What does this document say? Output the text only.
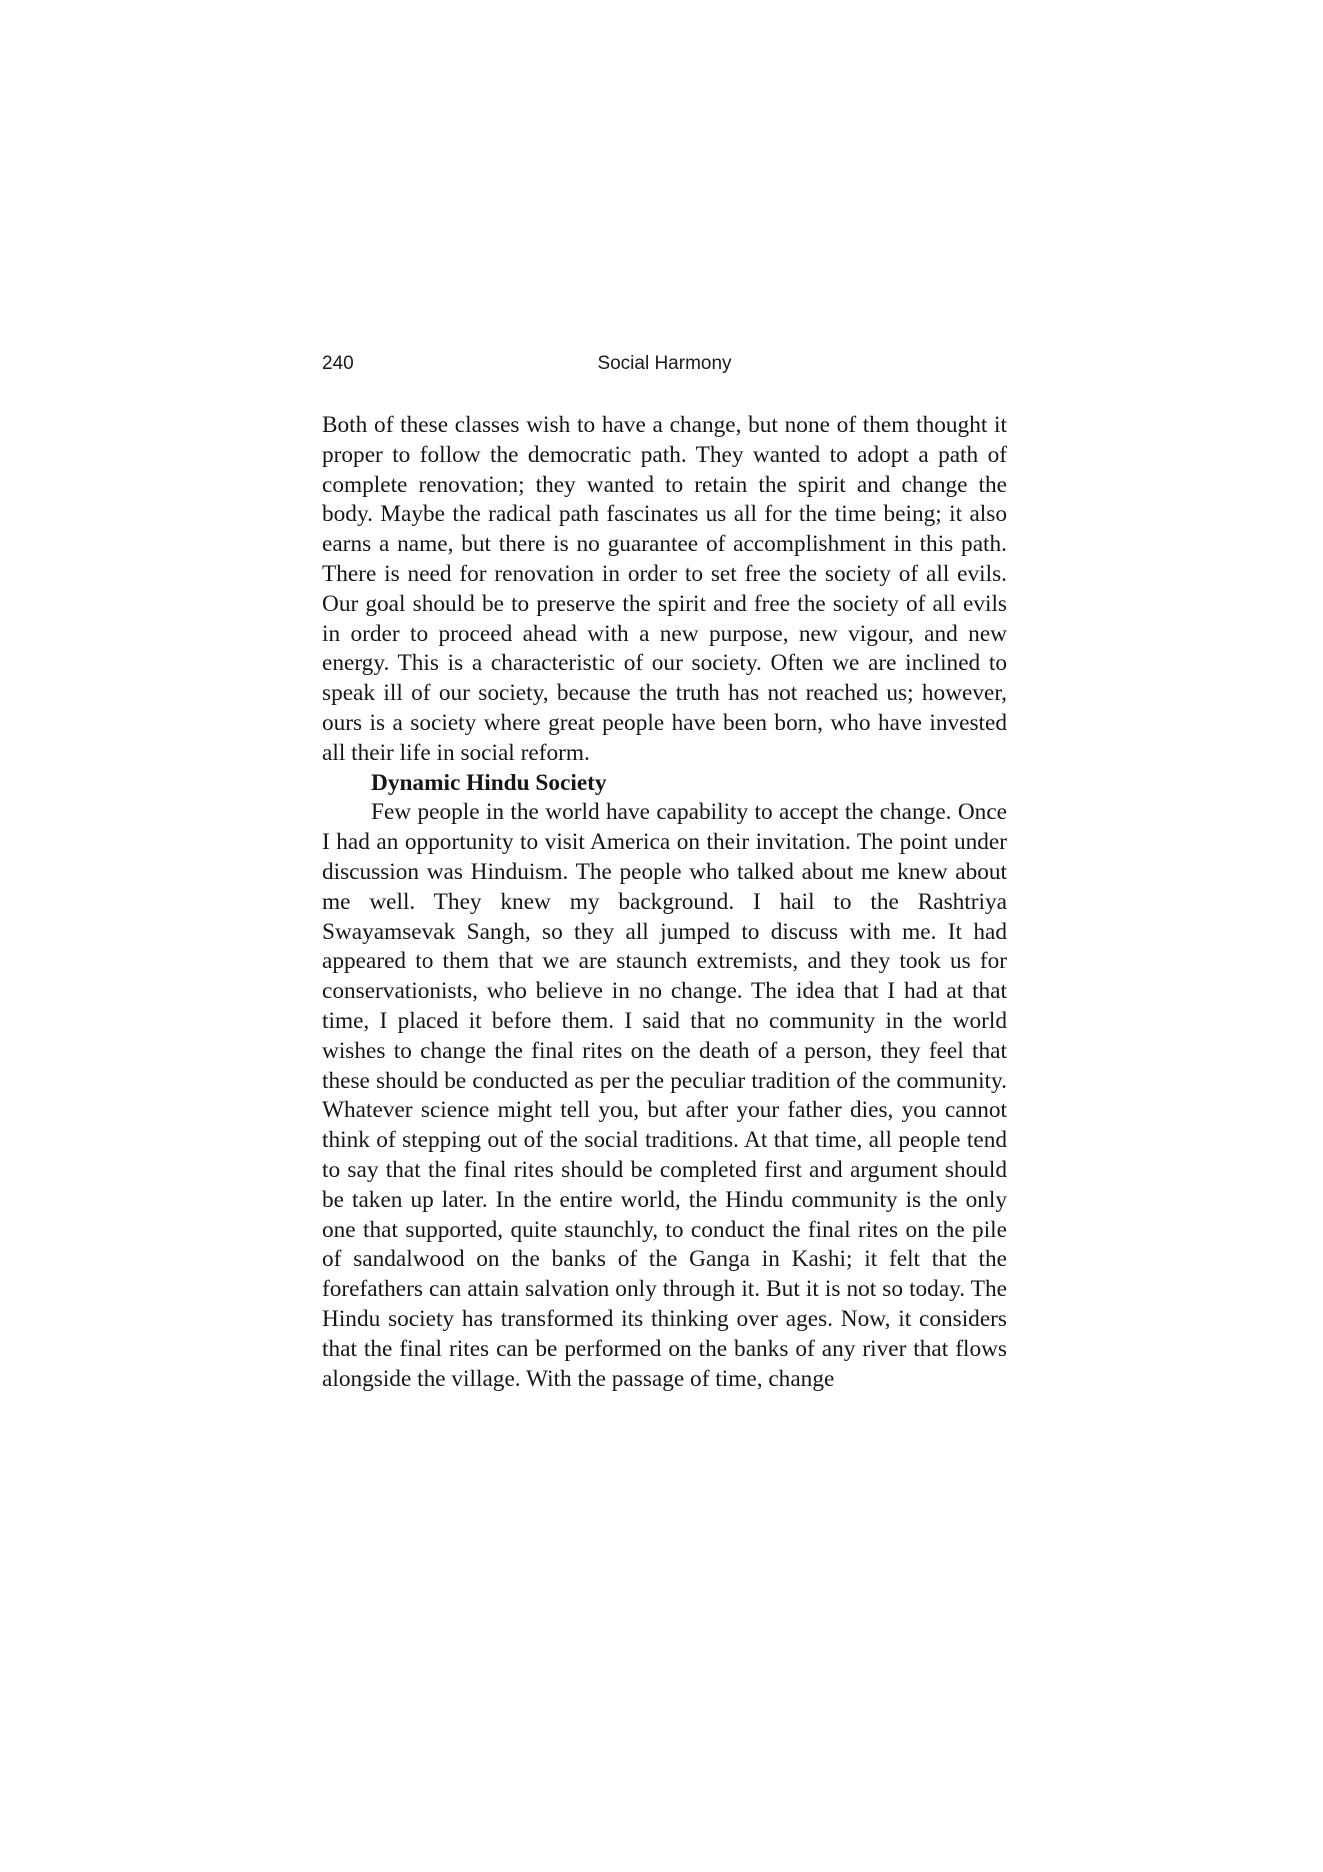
240	Social Harmony

Both of these classes wish to have a change, but none of them thought it proper to follow the democratic path. They wanted to adopt a path of complete renovation; they wanted to retain the spirit and change the body. Maybe the radical path fascinates us all for the time being; it also earns a name, but there is no guarantee of accomplishment in this path. There is need for renovation in order to set free the society of all evils. Our goal should be to preserve the spirit and free the society of all evils in order to proceed ahead with a new purpose, new vigour, and new energy. This is a characteristic of our society. Often we are inclined to speak ill of our society, because the truth has not reached us; however, ours is a society where great people have been born, who have invested all their life in social reform.

Dynamic Hindu Society

Few people in the world have capability to accept the change. Once I had an opportunity to visit America on their invitation. The point under discussion was Hinduism. The people who talked about me knew about me well. They knew my background. I hail to the Rashtriya Swayamsevak Sangh, so they all jumped to discuss with me. It had appeared to them that we are staunch extremists, and they took us for conservationists, who believe in no change. The idea that I had at that time, I placed it before them. I said that no community in the world wishes to change the final rites on the death of a person, they feel that these should be conducted as per the peculiar tradition of the community. Whatever science might tell you, but after your father dies, you cannot think of stepping out of the social traditions. At that time, all people tend to say that the final rites should be completed first and argument should be taken up later. In the entire world, the Hindu community is the only one that supported, quite staunchly, to conduct the final rites on the pile of sandalwood on the banks of the Ganga in Kashi; it felt that the forefathers can attain salvation only through it. But it is not so today. The Hindu society has transformed its thinking over ages. Now, it considers that the final rites can be performed on the banks of any river that flows alongside the village. With the passage of time, change
